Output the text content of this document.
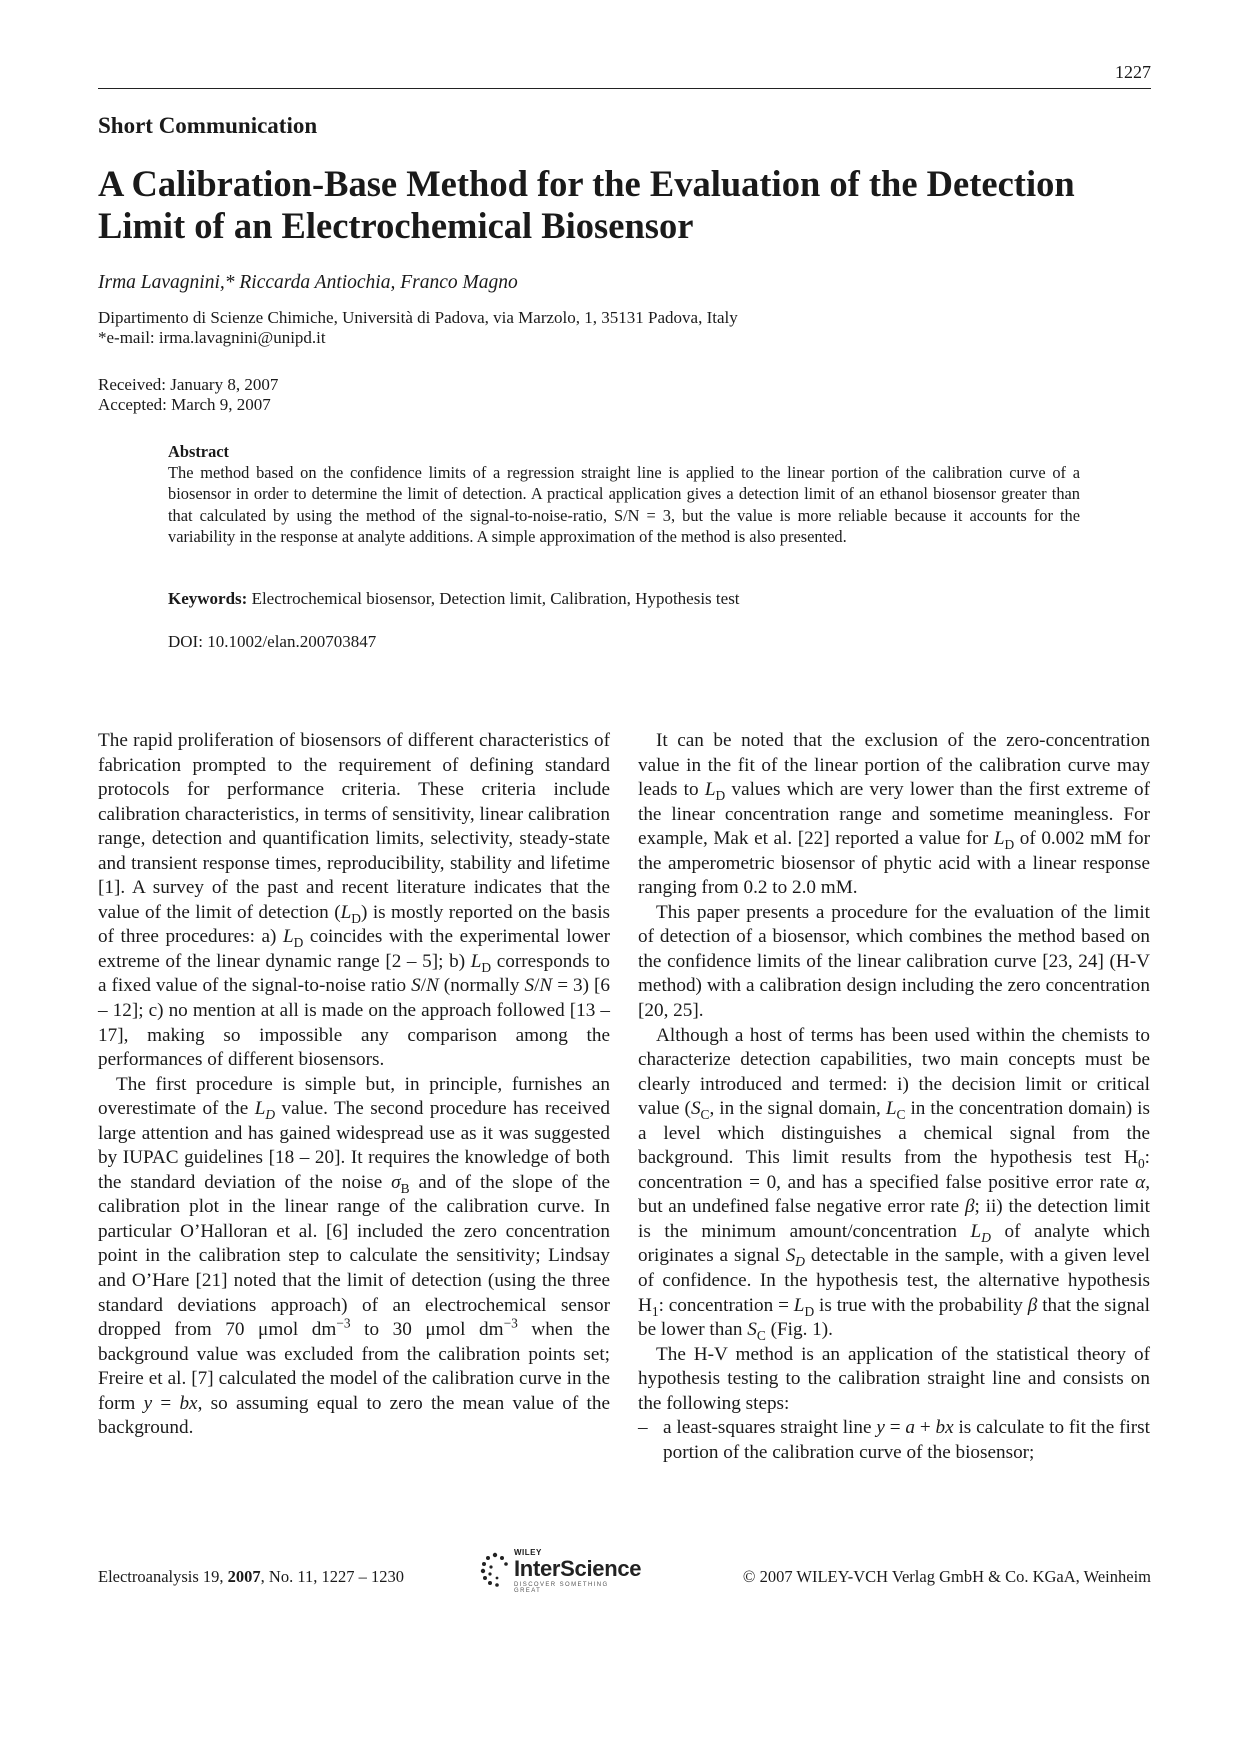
1227
Short Communication
A Calibration-Base Method for the Evaluation of the Detection
Limit of an Electrochemical Biosensor
Irma Lavagnini,* Riccarda Antiochia, Franco Magno
Dipartimento di Scienze Chimiche, Università di Padova, via Marzolo, 1, 35131 Padova, Italy
*e-mail: irma.lavagnini@unipd.it
Received: January 8, 2007
Accepted: March 9, 2007
Abstract
The method based on the confidence limits of a regression straight line is applied to the linear portion of the calibration curve of a biosensor in order to determine the limit of detection. A practical application gives a detection limit of an ethanol biosensor greater than that calculated by using the method of the signal-to-noise-ratio, S/N = 3, but the value is more reliable because it accounts for the variability in the response at analyte additions. A simple approximation of the method is also presented.
Keywords: Electrochemical biosensor, Detection limit, Calibration, Hypothesis test
DOI: 10.1002/elan.200703847

The rapid proliferation of biosensors of different characteristics of fabrication prompted to the requirement of defining standard protocols for performance criteria. These criteria include calibration characteristics, in terms of sensitivity, linear calibration range, detection and quantification limits, selectivity, steady-state and transient response times, reproducibility, stability and lifetime [1]. A survey of the past and recent literature indicates that the value of the limit of detection $(L_D)$ is mostly reported on the basis of three procedures: a) $L_D$ coincides with the experimental lower extreme of the linear dynamic range [2 – 5]; b) $L_D$ corresponds to a fixed value of the signal-to-noise ratio S/N (normally S/N = 3) [6 – 12]; c) no mention at all is made on the approach followed [13 – 17], making so impossible any comparison among the performances of different biosensors.

The first procedure is simple but, in principle, furnishes an overestimate of the $L_D$ value. The second procedure has received large attention and has gained widespread use as it was suggested by IUPAC guidelines [18 – 20]. It requires the knowledge of both the standard deviation of the noise $\sigma_B$ and of the slope of the calibration plot in the linear range of the calibration curve. In particular O’Halloran et al. [6] included the zero concentration point in the calibration step to calculate the sensitivity; Lindsay and O’Hare [21] noted that the limit of detection (using the three standard deviations approach) of an electrochemical sensor dropped from 70 μmol $dm^{-3}$ to 30 μmol $dm^{-3}$ when the background value was excluded from the calibration points set; Freire et al. [7] calculated the model of the calibration curve in the form y = bx, so assuming equal to zero the mean value of the background.

It can be noted that the exclusion of the zero-concentration value in the fit of the linear portion of the calibration curve may leads to $L_D$ values which are very lower than the first extreme of the linear concentration range and sometime meaningless. For example, Mak et al. [22] reported a value for $L_D$ of 0.002 mM for the amperometric biosensor of phytic acid with a linear response ranging from 0.2 to 2.0 mM.

This paper presents a procedure for the evaluation of the limit of detection of a biosensor, which combines the method based on the confidence limits of the linear calibration curve [23, 24] (H-V method) with a calibration design including the zero concentration [20, 25].

Although a host of terms has been used within the chemists to characterize detection capabilities, two main concepts must be clearly introduced and termed: i) the decision limit or critical value ($S_C$, in the signal domain, $L_C$ in the concentration domain) is a level which distinguishes a chemical signal from the background. This limit results from the hypothesis test $H_0$: concentration = 0, and has a specified false positive error rate α, but an undefined false negative error rate β; ii) the detection limit is the minimum amount/concentration $L_D$ of analyte which originates a signal $S_D$ detectable in the sample, with a given level of confidence. In the hypothesis test, the alternative hypothesis $H_1$: concentration = $L_D$ is true with the probability β that the signal be lower than $S_C$ (Fig. 1).

The H-V method is an application of the statistical theory of hypothesis testing to the calibration straight line and consists on the following steps:

– a least-squares straight line y = a + bx is calculate to fit the first portion of the calibration curve of the biosensor;
Electroanalysis 19, 2007, No. 11, 1227 – 1230
WILEY
InterScience
DISCOVER SOMETHING GREAT
© 2007 WILEY-VCH Verlag GmbH & Co. KGaA, Weinheim
